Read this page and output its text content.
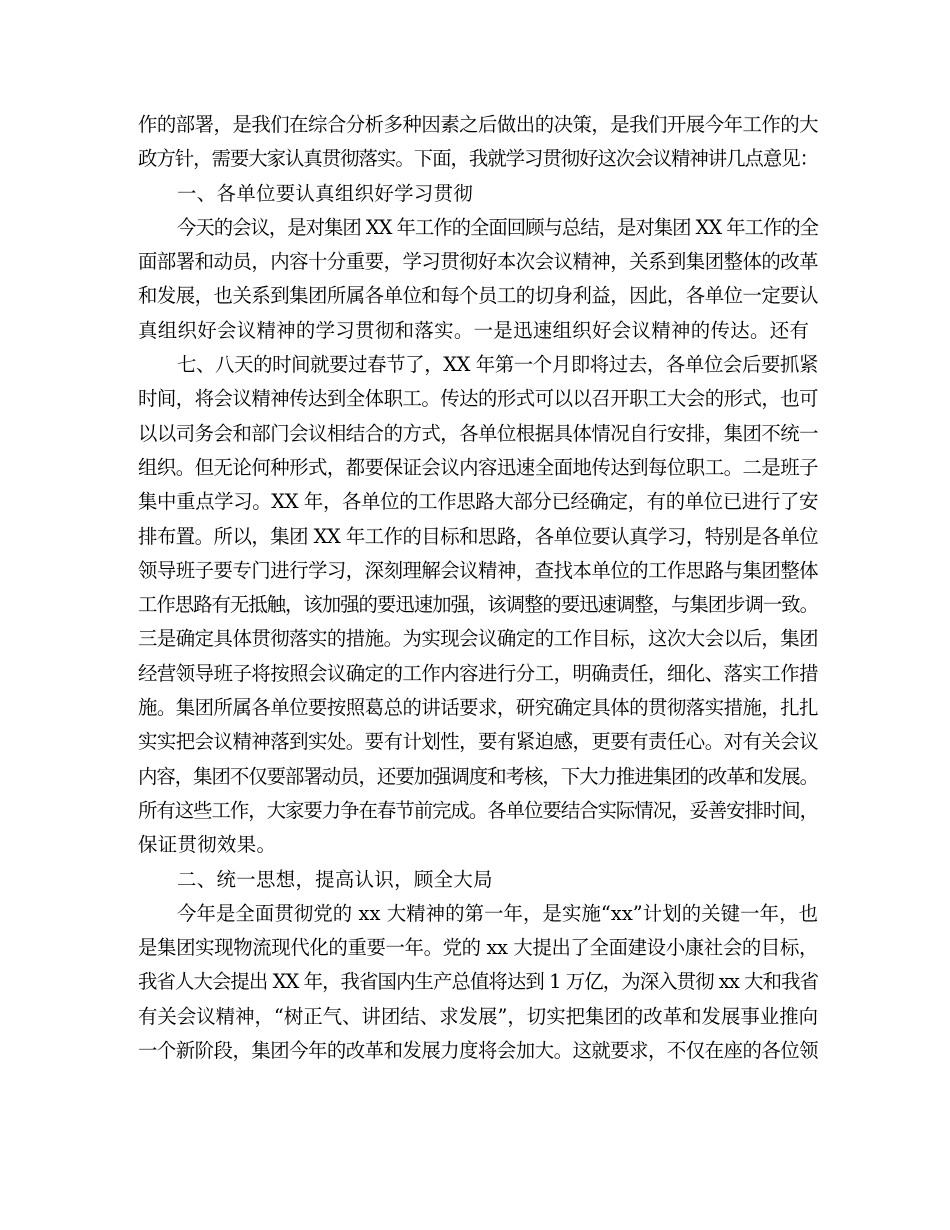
作的部署，是我们在综合分析多种因素之后做出的决策，是我们开展今年工作的大
政方针，需要大家认真贯彻落实。下面，我就学习贯彻好这次会议精神讲几点意见：
一、各单位要认真组织好学习贯彻
今天的会议，是对集团 XX 年工作的全面回顾与总结，是对集团 XX 年工作的全
面部署和动员，内容十分重要，学习贯彻好本次会议精神，关系到集团整体的改革
和发展，也关系到集团所属各单位和每个员工的切身利益，因此，各单位一定要认
真组织好会议精神的学习贯彻和落实。一是迅速组织好会议精神的传达。还有
七、八天的时间就要过春节了，XX 年第一个月即将过去，各单位会后要抓紧
时间，将会议精神传达到全体职工。传达的形式可以以召开职工大会的形式，也可
以以司务会和部门会议相结合的方式，各单位根据具体情况自行安排，集团不统一
组织。但无论何种形式，都要保证会议内容迅速全面地传达到每位职工。二是班子
集中重点学习。XX 年，各单位的工作思路大部分已经确定，有的单位已进行了安
排布置。所以，集团 XX 年工作的目标和思路，各单位要认真学习，特别是各单位
领导班子要专门进行学习，深刻理解会议精神，查找本单位的工作思路与集团整体
工作思路有无抵触，该加强的要迅速加强，该调整的要迅速调整，与集团步调一致。
三是确定具体贯彻落实的措施。为实现会议确定的工作目标，这次大会以后，集团
经营领导班子将按照会议确定的工作内容进行分工，明确责任，细化、落实工作措
施。集团所属各单位要按照葛总的讲话要求，研究确定具体的贯彻落实措施，扎扎
实实把会议精神落到实处。要有计划性，要有紧迫感，更要有责任心。对有关会议
内容，集团不仅要部署动员，还要加强调度和考核，下大力推进集团的改革和发展。
所有这些工作，大家要力争在春节前完成。各单位要结合实际情况，妥善安排时间，
保证贯彻效果。
二、统一思想，提高认识，顾全大局
今年是全面贯彻党的 xx 大精神的第一年，是实施“xx”计划的关键一年，也
是集团实现物流现代化的重要一年。党的 xx 大提出了全面建设小康社会的目标，
我省人大会提出 XX 年，我省国内生产总值将达到 1 万亿，为深入贯彻 xx 大和我省
有关会议精神，“树正气、讲团结、求发展”，切实把集团的改革和发展事业推向
一个新阶段，集团今年的改革和发展力度将会加大。这就要求，不仅在座的各位领
